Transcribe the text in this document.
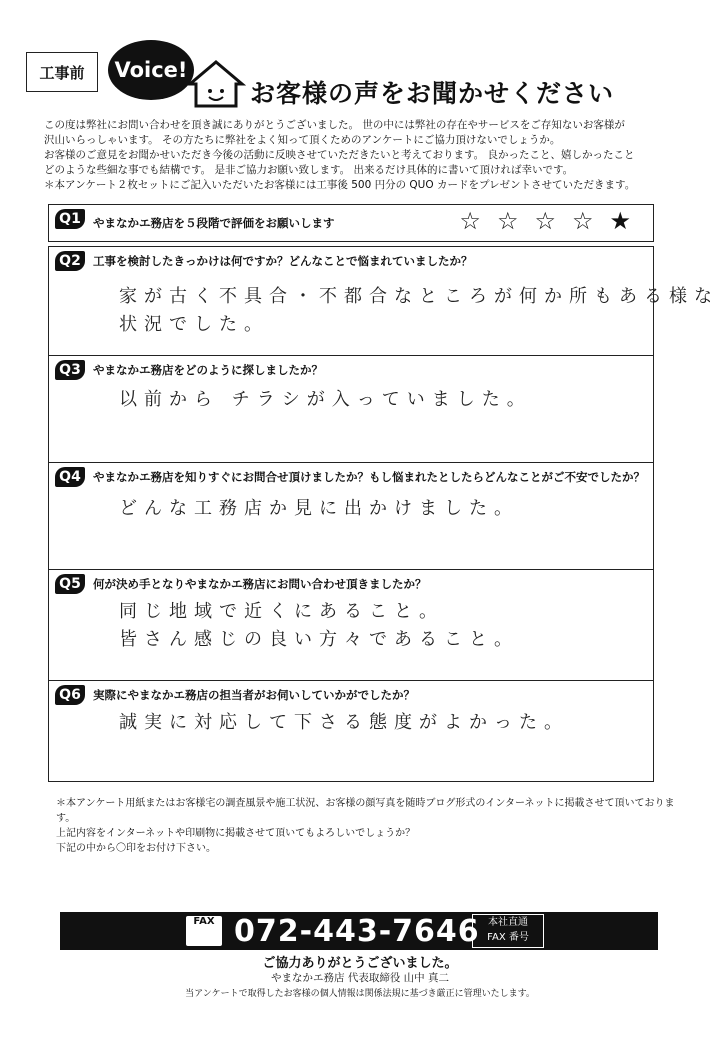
工事前	Voice!
お客様の声をお聞かせください

この度は弊社にお問い合わせを頂き誠にありがとうございました。 世の中には弊社の存在やサービスをご存知ないお客様が

沢山いらっしゃいます。 その方たちに弊社をよく知って頂くためのアンケートにご協力頂けないでしょうか。

お客様のご意見をお聞かせいただき今後の活動に反映させていただきたいと考えております。 良かったこと、嬉しかったこと

どのような些細な事でも結構です。 是非ご協力お願い致します。 出来るだけ具体的に書いて頂ければ幸いです。

＊本アンケート２枚セットにご記入いただいたお客様には工事後 500 円分の QUO カードをプレゼントさせていただきます。

Q1	やまなかエ務店を５段階で評価をお願いします	☆ ☆ ☆ ☆ ★
Q2	工事を検討したきっかけは何ですか？どんなことで悩まれていましたか？
家が古く不具合・不都合なところが何か所もある様な
状況でした。
Q3	やまなかエ務店をどのように探しましたか？
以前から チラシが入っていました。
Q4	やまなかエ務店を知りすぐにお問合せ頂けましたか？もし悩まれたとしたらどんなことがご不安でしたか？
どんな工務店か見に出かけました。
Q5	何が決め手となりやまなかエ務店にお問い合わせ頂きましたか？
同じ地域で近くにあること。
皆さん感じの良い方々であること。
Q6	実際にやまなかエ務店の担当者がお伺いしていかがでしたか？
誠実に対応して下さる態度がよかった。

＊本アンケート用紙またはお客様宅の調査風景や施工状況、お客様の顔写真を随時ブログ形式のインターネットに掲載させて頂いております。

上記内容をインターネットや印刷物に掲載させて頂いてもよろしいでしょうか？

下記の中から〇印をお付け下さい。

FAX 072-443-7646 本社直通
FAX 番号
ご協力ありがとうございました。
やまなかエ務店 代表取締役 山中 真二
当アンケートで取得したお客様の個人情報は関係法規に基づき厳正に管理いたします。
